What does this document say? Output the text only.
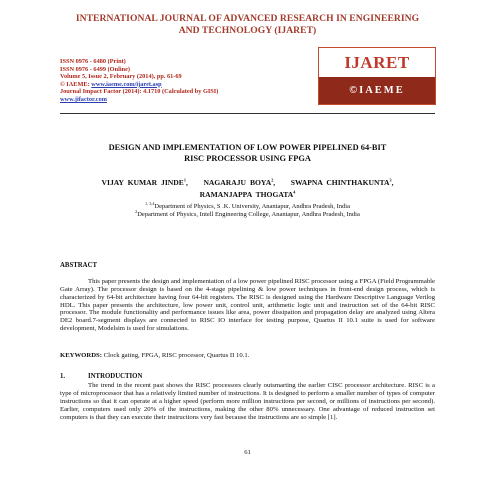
INTERNATIONAL JOURNAL OF ADVANCED RESEARCH IN ENGINEERING
AND TECHNOLOGY (IJARET)
ISSN 0976 - 6480 (Print)
ISSN 0976 - 6499 (Online)
Volume 5, Issue 2, February (2014), pp. 61-69
© IAEME: www.iaeme.com/ijaret.asp
Journal Impact Factor (2014): 4.1710 (Calculated by GISI)
www.jifactor.com
IJARET
©IAEME
DESIGN AND IMPLEMENTATION OF LOW POWER PIPELINED 64-BIT
RISC PROCESSOR USING FPGA
VIJAY KUMAR JINDE$^1$,    NAGARAJU BOYA$^2$,    SWAPNA CHINTHAKUNTA$^3$,
RAMANJAPPA THOGATA$^4$
$^{1, 3,4}$Department of Physics, S .K. University, Anantapur, Andhra Pradesh, India
$^2$Department of Physics, Intell Engineering College, Anantapur, Andhra Pradesh, India
ABSTRACT

This paper presents the design and implementation of a low power pipelined RISC processor using a FPGA (Field Programmable Gate Array). The processor design is based on the 4-stage pipelining & low power techniques in front-end design process, which is characterized by 64-bit architecture having four 64-bit registers. The RISC is designed using the Hardware Descriptive Language Verilog HDL. This paper presents the architecture, low power unit, control unit, arithmetic logic unit and instruction set of the 64-bit RISC processor. The module functionality and performance issues like area, power dissipation and propagation delay are analyzed using Altera DE2 board.7-segment displays are connected to RISC IO interface for testing purpose, Quartus II 10.1 suite is used for software development, Modelsim is used for simulations.

KEYWORDS: Clock gating, FPGA, RISC processor, Quartus II 10.1.
1.	INTRODUCTION

The trend in the recent past shows the RISC processors clearly outsmarting the earlier CISC processor architecture. RISC is a type of microprocessor that has a relatively limited number of instructions. It is designed to perform a smaller number of types of computer instructions so that it can operate at a higher speed (perform more million instructions per second, or millions of instructions per second). Earlier, computers used only 20% of the instructions, making the other 80% unnecessary. One advantage of reduced instruction set computers is that they can execute their instructions very fast because the instructions are so simple [1].

61
